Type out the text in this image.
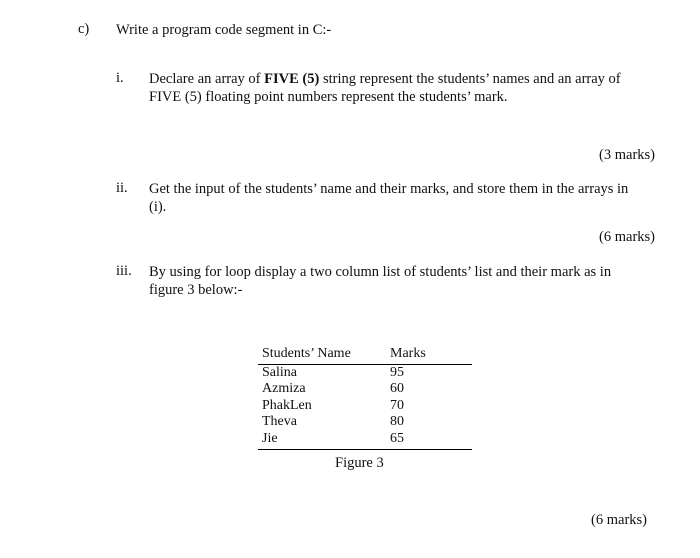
c) Write a program code segment in C:-
i. Declare an array of FIVE (5) string represent the students’ names and an array of FIVE (5) floating point numbers represent the students’ mark.
(3 marks)
ii. Get the input of the students’ name and their marks, and store them in the arrays in (i).
(6 marks)
iii. By using for loop display a two column list of students’ list and their mark as in figure 3 below:-
Students’ Name	Marks
Salina	95
Azmiza	60
PhakLen	70
Theva	80
Jie	65
Figure 3
(6 marks)
